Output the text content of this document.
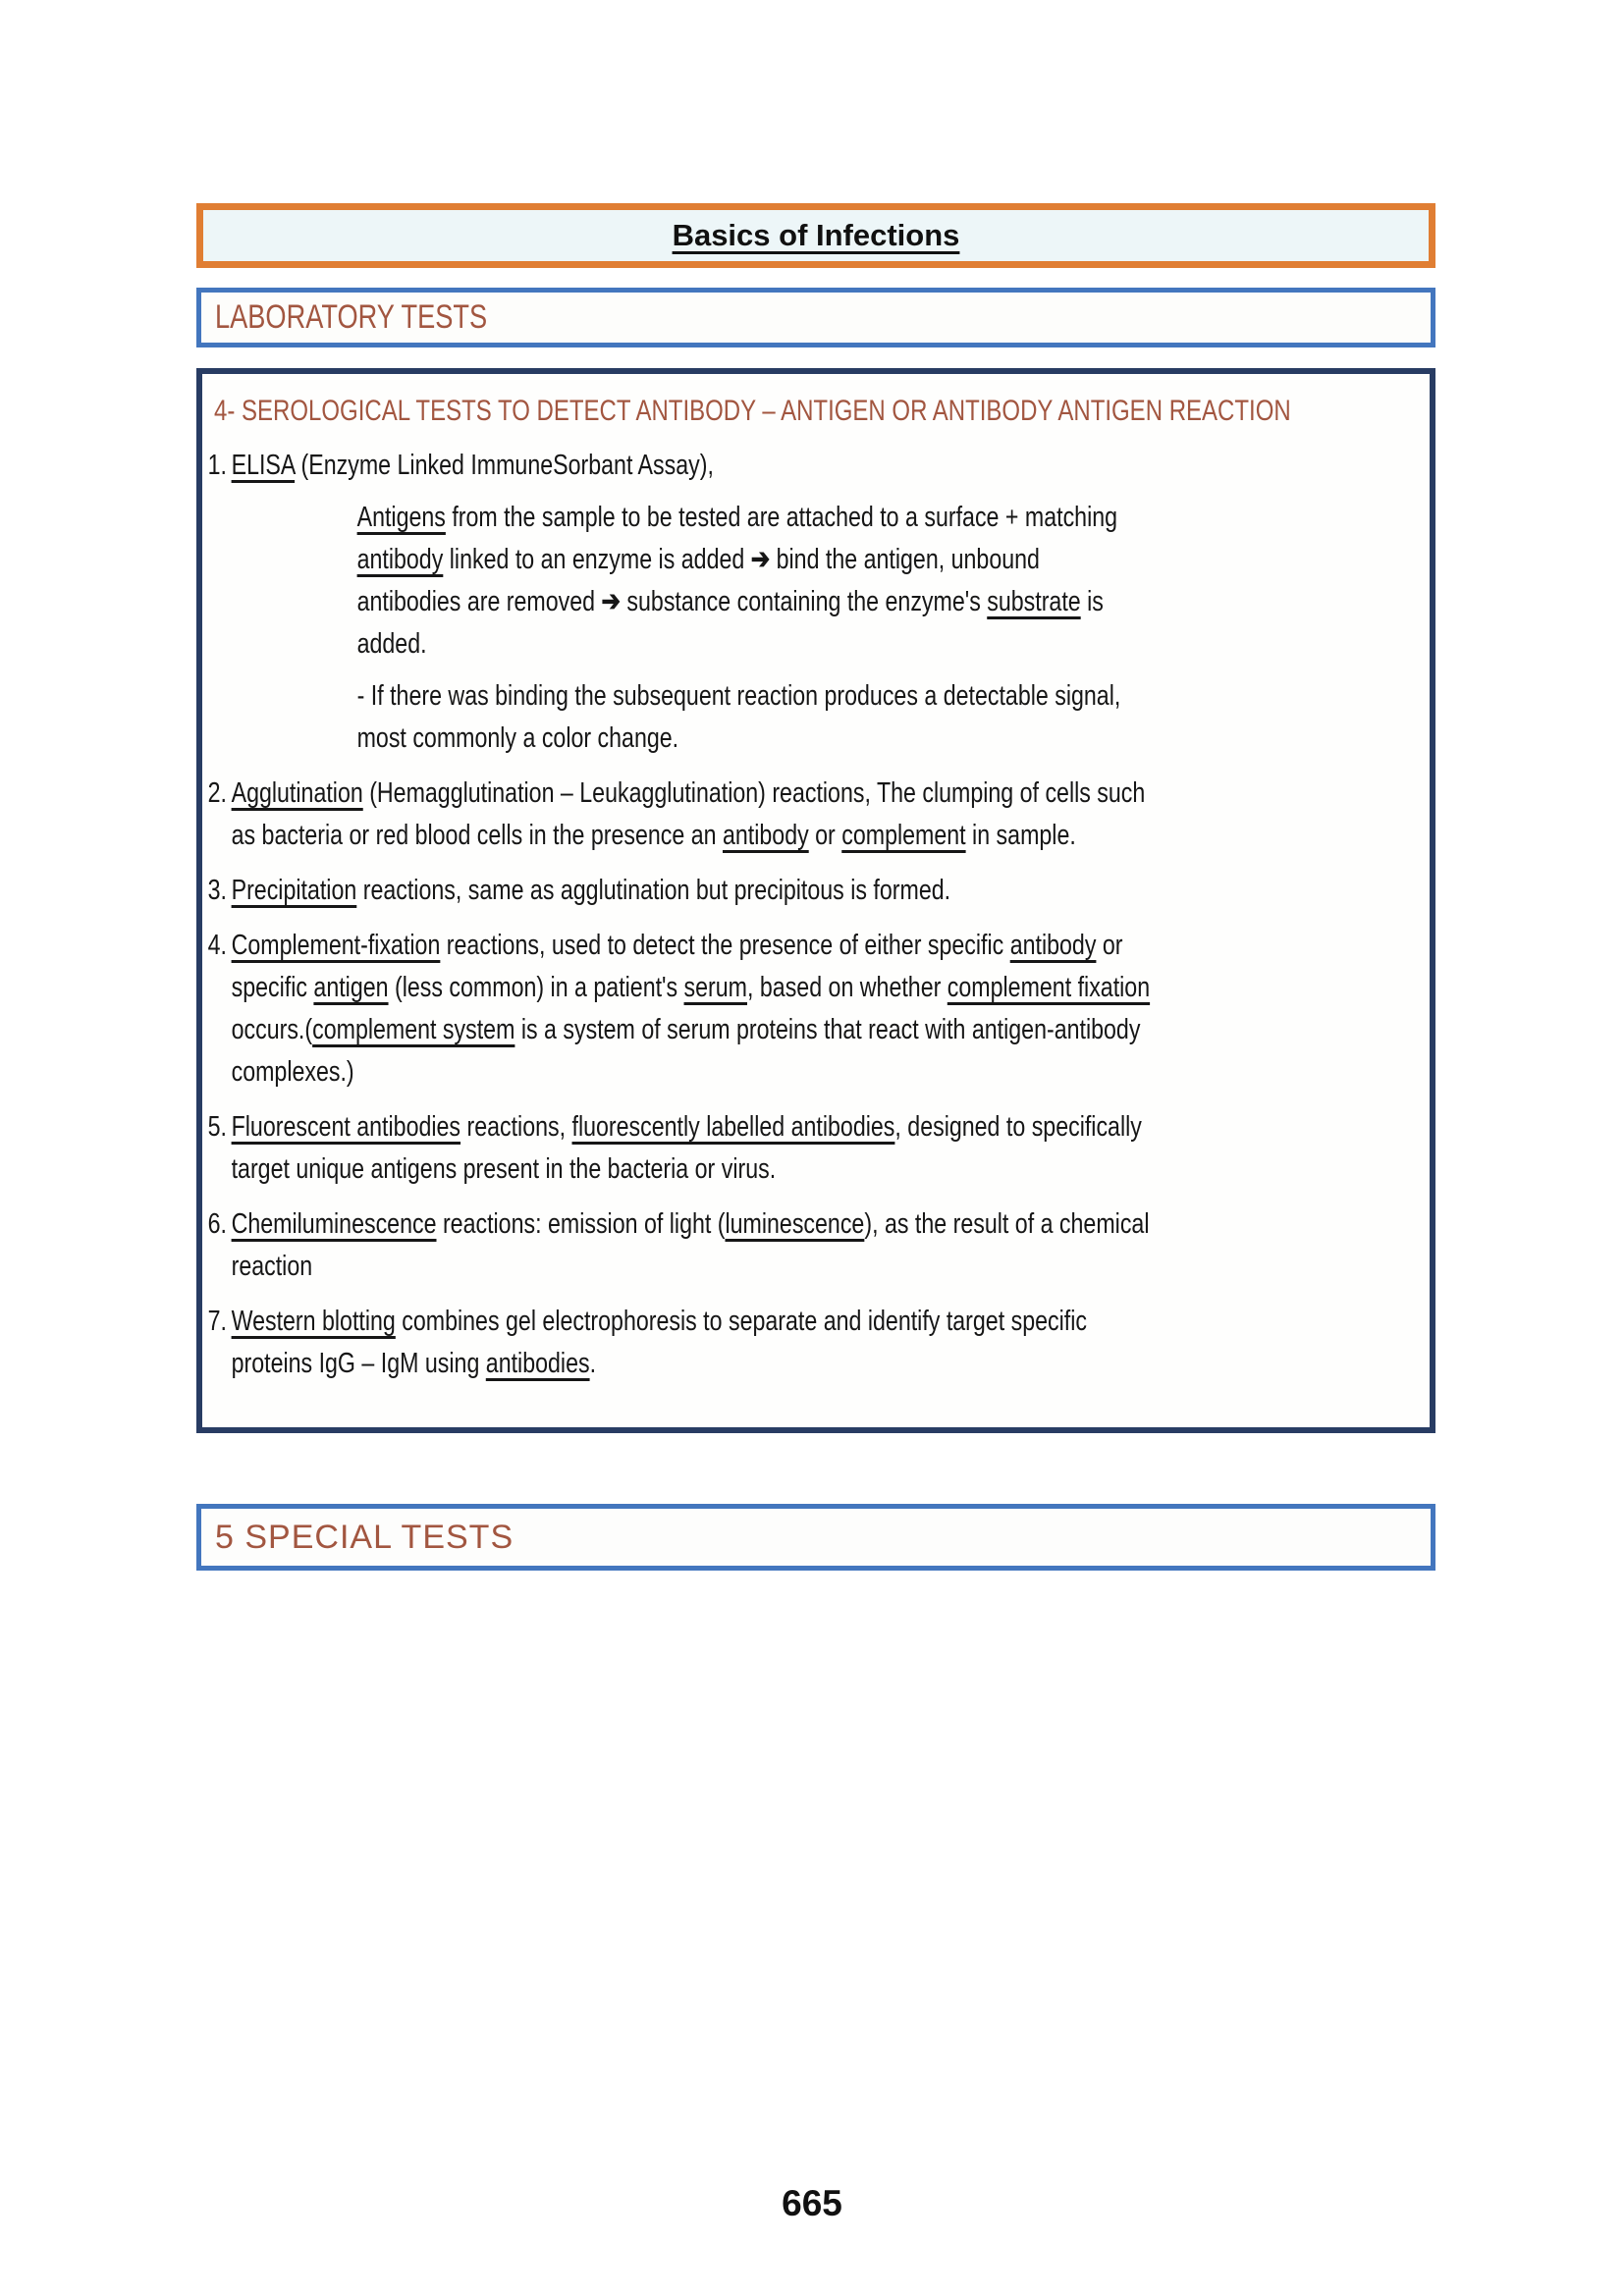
Basics of Infections
LABORATORY TESTS

4- SEROLOGICAL TESTS TO DETECT ANTIBODY – ANTIGEN OR ANTIBODY ANTIGEN REACTION

1. ELISA (Enzyme Linked ImmuneSorbant Assay),

Antigens from the sample to be tested are attached to a surface + matching antibody linked to an enzyme is added ➔ bind the antigen, unbound antibodies are removed ➔ substance containing the enzyme's substrate is added.

- If there was binding the subsequent reaction produces a detectable signal, most commonly a color change.

2. Agglutination (Hemagglutination – Leukagglutination) reactions, The clumping of cells such as bacteria or red blood cells in the presence an antibody or complement in sample.

3. Precipitation reactions, same as agglutination but precipitous is formed.

4. Complement-fixation reactions, used to detect the presence of either specific antibody or specific antigen (less common) in a patient's serum, based on whether complement fixation occurs.(complement system is a system of serum proteins that react with antigen-antibody complexes.)

5. Fluorescent antibodies reactions, fluorescently labelled antibodies, designed to specifically target unique antigens present in the bacteria or virus.

6. Chemiluminescence reactions: emission of light (luminescence), as the result of a chemical reaction

7. Western blotting combines gel electrophoresis to separate and identify target specific proteins IgG – IgM using antibodies.

5 SPECIAL TESTS
665
